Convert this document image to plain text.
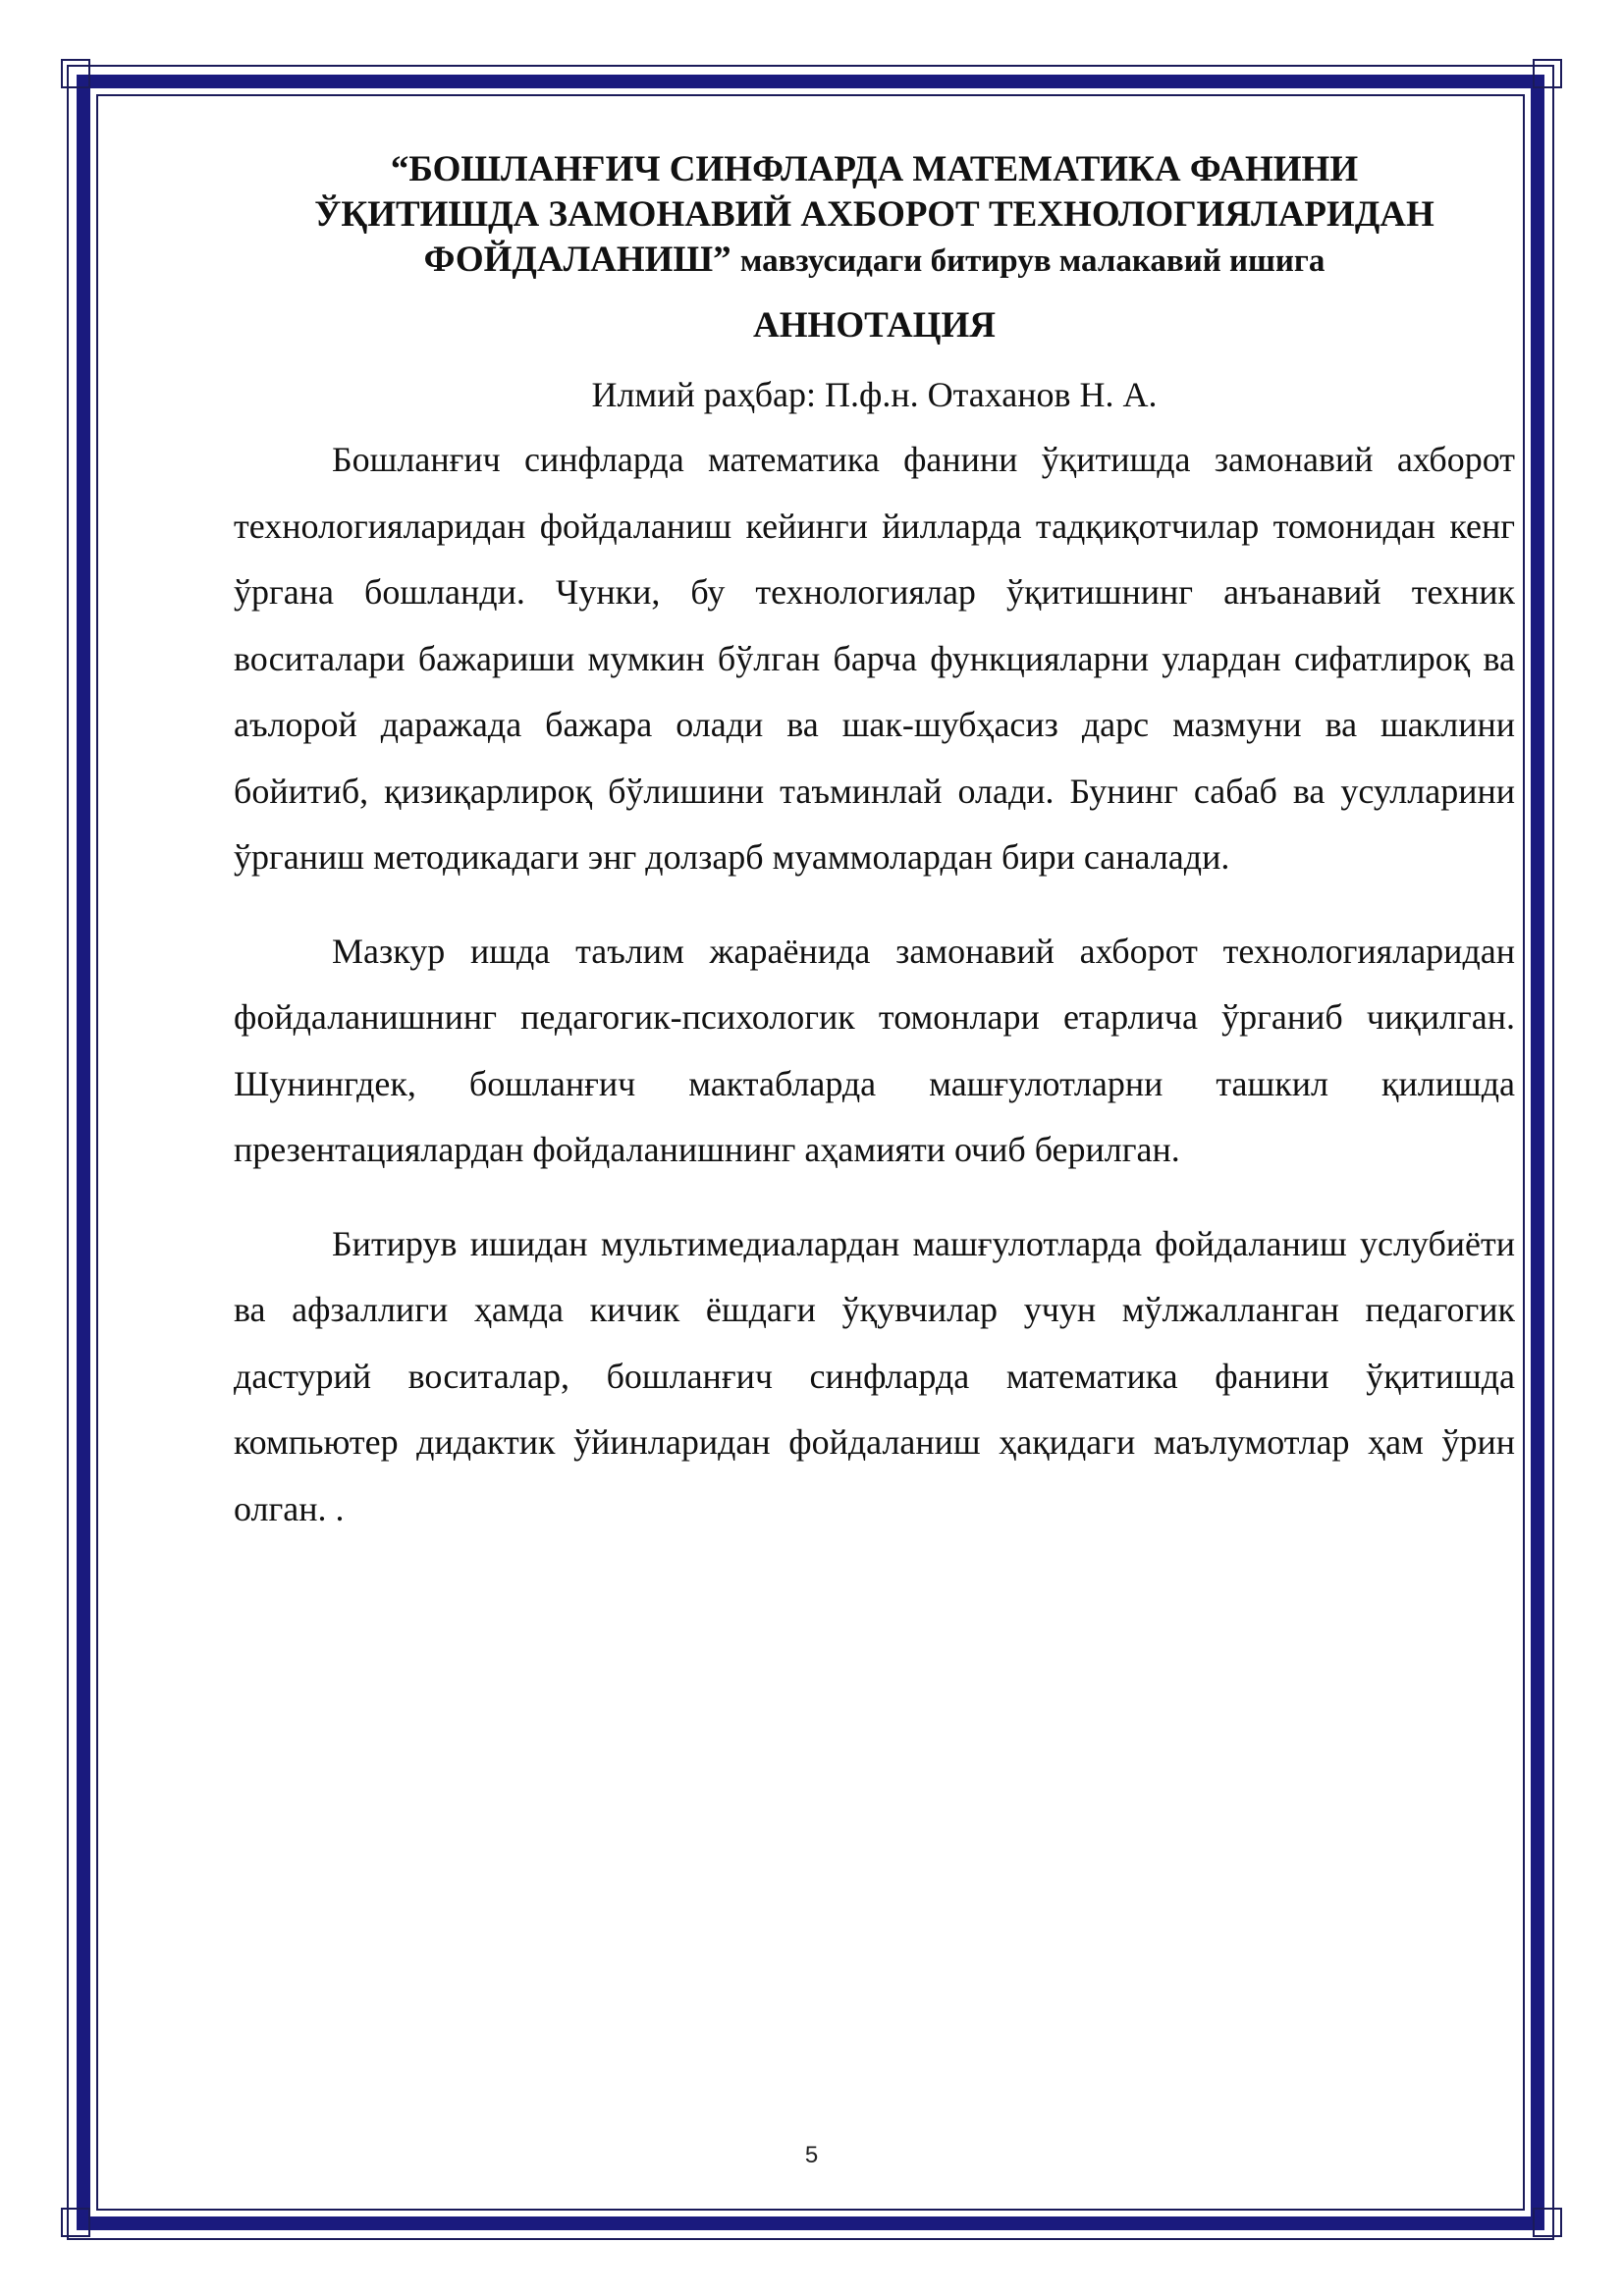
“БОШЛАНҒИЧ СИНФЛАРДА МАТЕМАТИКА ФАНИНИ
ЎҚИТИШДА ЗАМОНАВИЙ АХБОРОТ ТЕХНОЛОГИЯЛАРИДАН
ФОЙДАЛАНИШ” мавзусидаги битирув малакавий ишига
АННОТАЦИЯ

Илмий раҳбар: П.ф.н. Отаханов Н. А.

Бошланғич синфларда математика фанини ўқитишда замонавий ахборот технологияларидан фойдаланиш кейинги йилларда тадқиқотчилар томонидан кенг ўргана бошланди. Чунки, бу технологиялар ўқитишнинг анъанавий техник воситалари бажариши мумкин бўлган барча функцияларни улардан сифатлироқ ва аълорой даражада бажара олади ва шак-шубҳасиз дарс мазмуни ва шаклини бойитиб, қизиқарлироқ бўлишини таъминлай олади. Бунинг сабаб ва усулларини ўрганиш методикадаги энг долзарб муаммолардан бири саналади.

Мазкур ишда таълим жараёнида замонавий ахборот технологияларидан фойдаланишнинг педагогик-психологик томонлари етарлича ўрганиб чиқилган. Шунингдек, бошланғич мактабларда машғулотларни ташкил қилишда презентациялардан фойдаланишнинг аҳамияти очиб берилган.

Битирув ишидан мультимедиалардан машғулотларда фойдаланиш услубиёти ва афзаллиги ҳамда кичик ёшдаги ўқувчилар учун мўлжалланган педагогик дастурий воситалар, бошланғич синфларда математика фанини ўқитишда компьютер дидактик ўйинларидан фойдаланиш ҳақидаги маълумотлар ҳам ўрин олган. .

5
